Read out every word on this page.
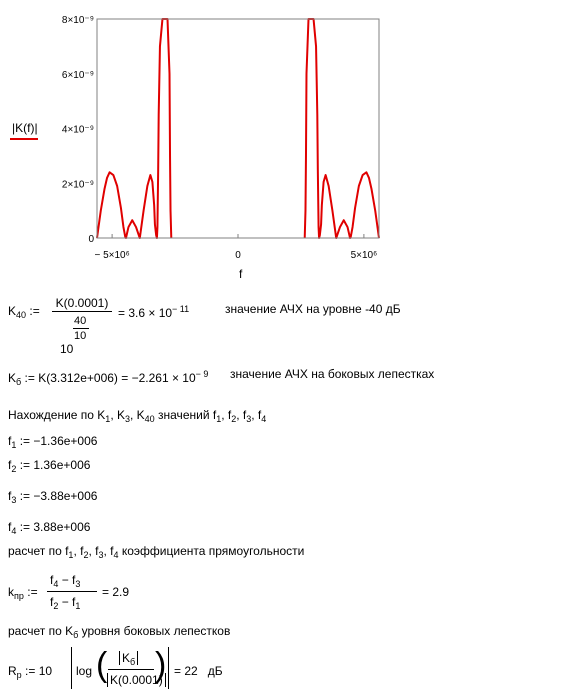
0
2×10⁻⁹
4×10⁻⁹
6×10⁻⁹
8×10⁻⁹
− 5×10⁶	0	5×10⁶
|K(f)|
f
$K_{40}$ :=
K(0.0001)
40
10
10
= $3.6 \times 10^{- 11}$	значение АЧХ на уровне -40 дБ
$K_б$ := $K(3.312e+006) = -2.261 \times 10^{- 9}$ значение АЧХ на боковых лепестках
Нахождение по $K_1$, $K_3$, $K_{40}$ значений $f_1$, $f_2$, $f_3$, $f_4$
$f_1$ := −1.36e+006
$f_2$ := 1.36e+006
$f_3$ := −3.88e+006
$f_4$ := 3.88e+006
расчет по $f_1$, $f_2$, $f_3$, $f_4$ коэффициента прямоугольности
$k_{пр}$ :=
$f_4 - f_3$
$f_2 - f_1$
= 2.9
расчет по $K_б$ уровня боковых лепестков
$R_p$ := 10 log ( )
$K_б$
K(0.0001)
= 22 дБ
